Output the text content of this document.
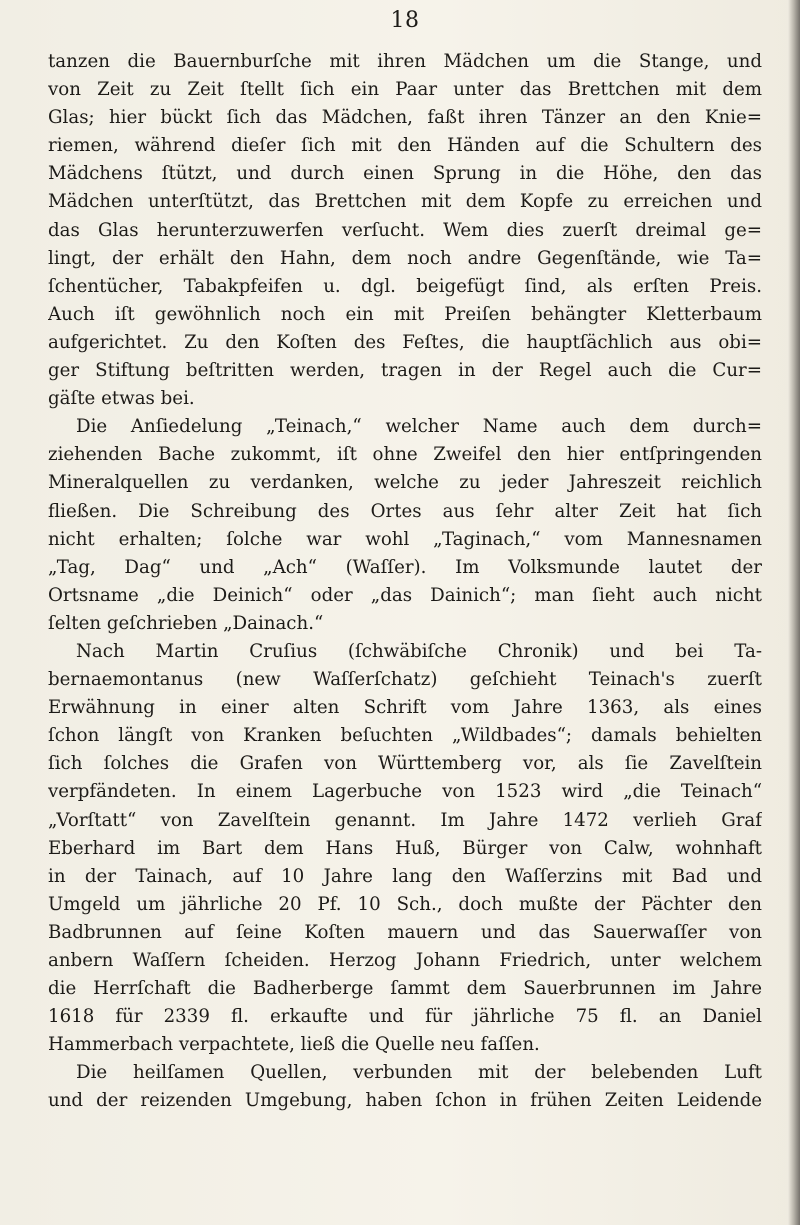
18
tanzen die Bauernburſche mit ihren Mädchen um die Stange, und
von Zeit zu Zeit ſtellt ſich ein Paar unter das Brettchen mit dem
Glas; hier bückt ſich das Mädchen, faßt ihren Tänzer an den Knie=
riemen, während dieſer ſich mit den Händen auf die Schultern des
Mädchens ſtützt, und durch einen Sprung in die Höhe, den das
Mädchen unterſtützt, das Brettchen mit dem Kopfe zu erreichen und
das Glas herunterzuwerfen verſucht. Wem dies zuerſt dreimal ge=
lingt, der erhält den Hahn, dem noch andre Gegenſtände, wie Ta=
ſchentücher, Tabakpfeifen u. dgl. beigefügt ſind, als erſten Preis.
Auch iſt gewöhnlich noch ein mit Preiſen behängter Kletterbaum
aufgerichtet. Zu den Koſten des Feſtes, die hauptſächlich aus obi=
ger Stiftung beſtritten werden, tragen in der Regel auch die Cur=
gäſte etwas bei.
Die Anſiedelung „Teinach,“ welcher Name auch dem durch=
ziehenden Bache zukommt, iſt ohne Zweifel den hier entſpringenden
Mineralquellen zu verdanken, welche zu jeder Jahreszeit reichlich
fließen. Die Schreibung des Ortes aus ſehr alter Zeit hat ſich
nicht erhalten; ſolche war wohl „Taginach,“ vom Mannesnamen
„Tag, Dag“ und „Ach“ (Waſſer). Im Volksmunde lautet der
Ortsname „die Deinich“ oder „das Dainich“; man ſieht auch nicht
ſelten geſchrieben „Dainach.“
Nach Martin Cruſius (ſchwäbiſche Chronik) und bei Ta-
bernaemontanus (new Waſſerſchatz) geſchieht Teinach's zuerſt
Erwähnung in einer alten Schrift vom Jahre 1363, als eines
ſchon längſt von Kranken beſuchten „Wildbades“; damals behielten
ſich ſolches die Grafen von Württemberg vor, als ſie Zavelſtein
verpfändeten. In einem Lagerbuche von 1523 wird „die Teinach“
„Vorſtatt“ von Zavelſtein genannt. Im Jahre 1472 verlieh Graf
Eberhard im Bart dem Hans Huß, Bürger von Calw, wohnhaft
in der Tainach, auf 10 Jahre lang den Waſſerzins mit Bad und
Umgeld um jährliche 20 Pf. 10 Sch., doch mußte der Pächter den
Badbrunnen auf ſeine Koſten mauern und das Sauerwaſſer von
anbern Waſſern ſcheiden. Herzog Johann Friedrich, unter welchem
die Herrſchaft die Badherberge ſammt dem Sauerbrunnen im Jahre
1618 für 2339 fl. erkaufte und für jährliche 75 fl. an Daniel
Hammerbach verpachtete, ließ die Quelle neu faſſen.
Die heilſamen Quellen, verbunden mit der belebenden Luft
und der reizenden Umgebung, haben ſchon in frühen Zeiten Leidende
